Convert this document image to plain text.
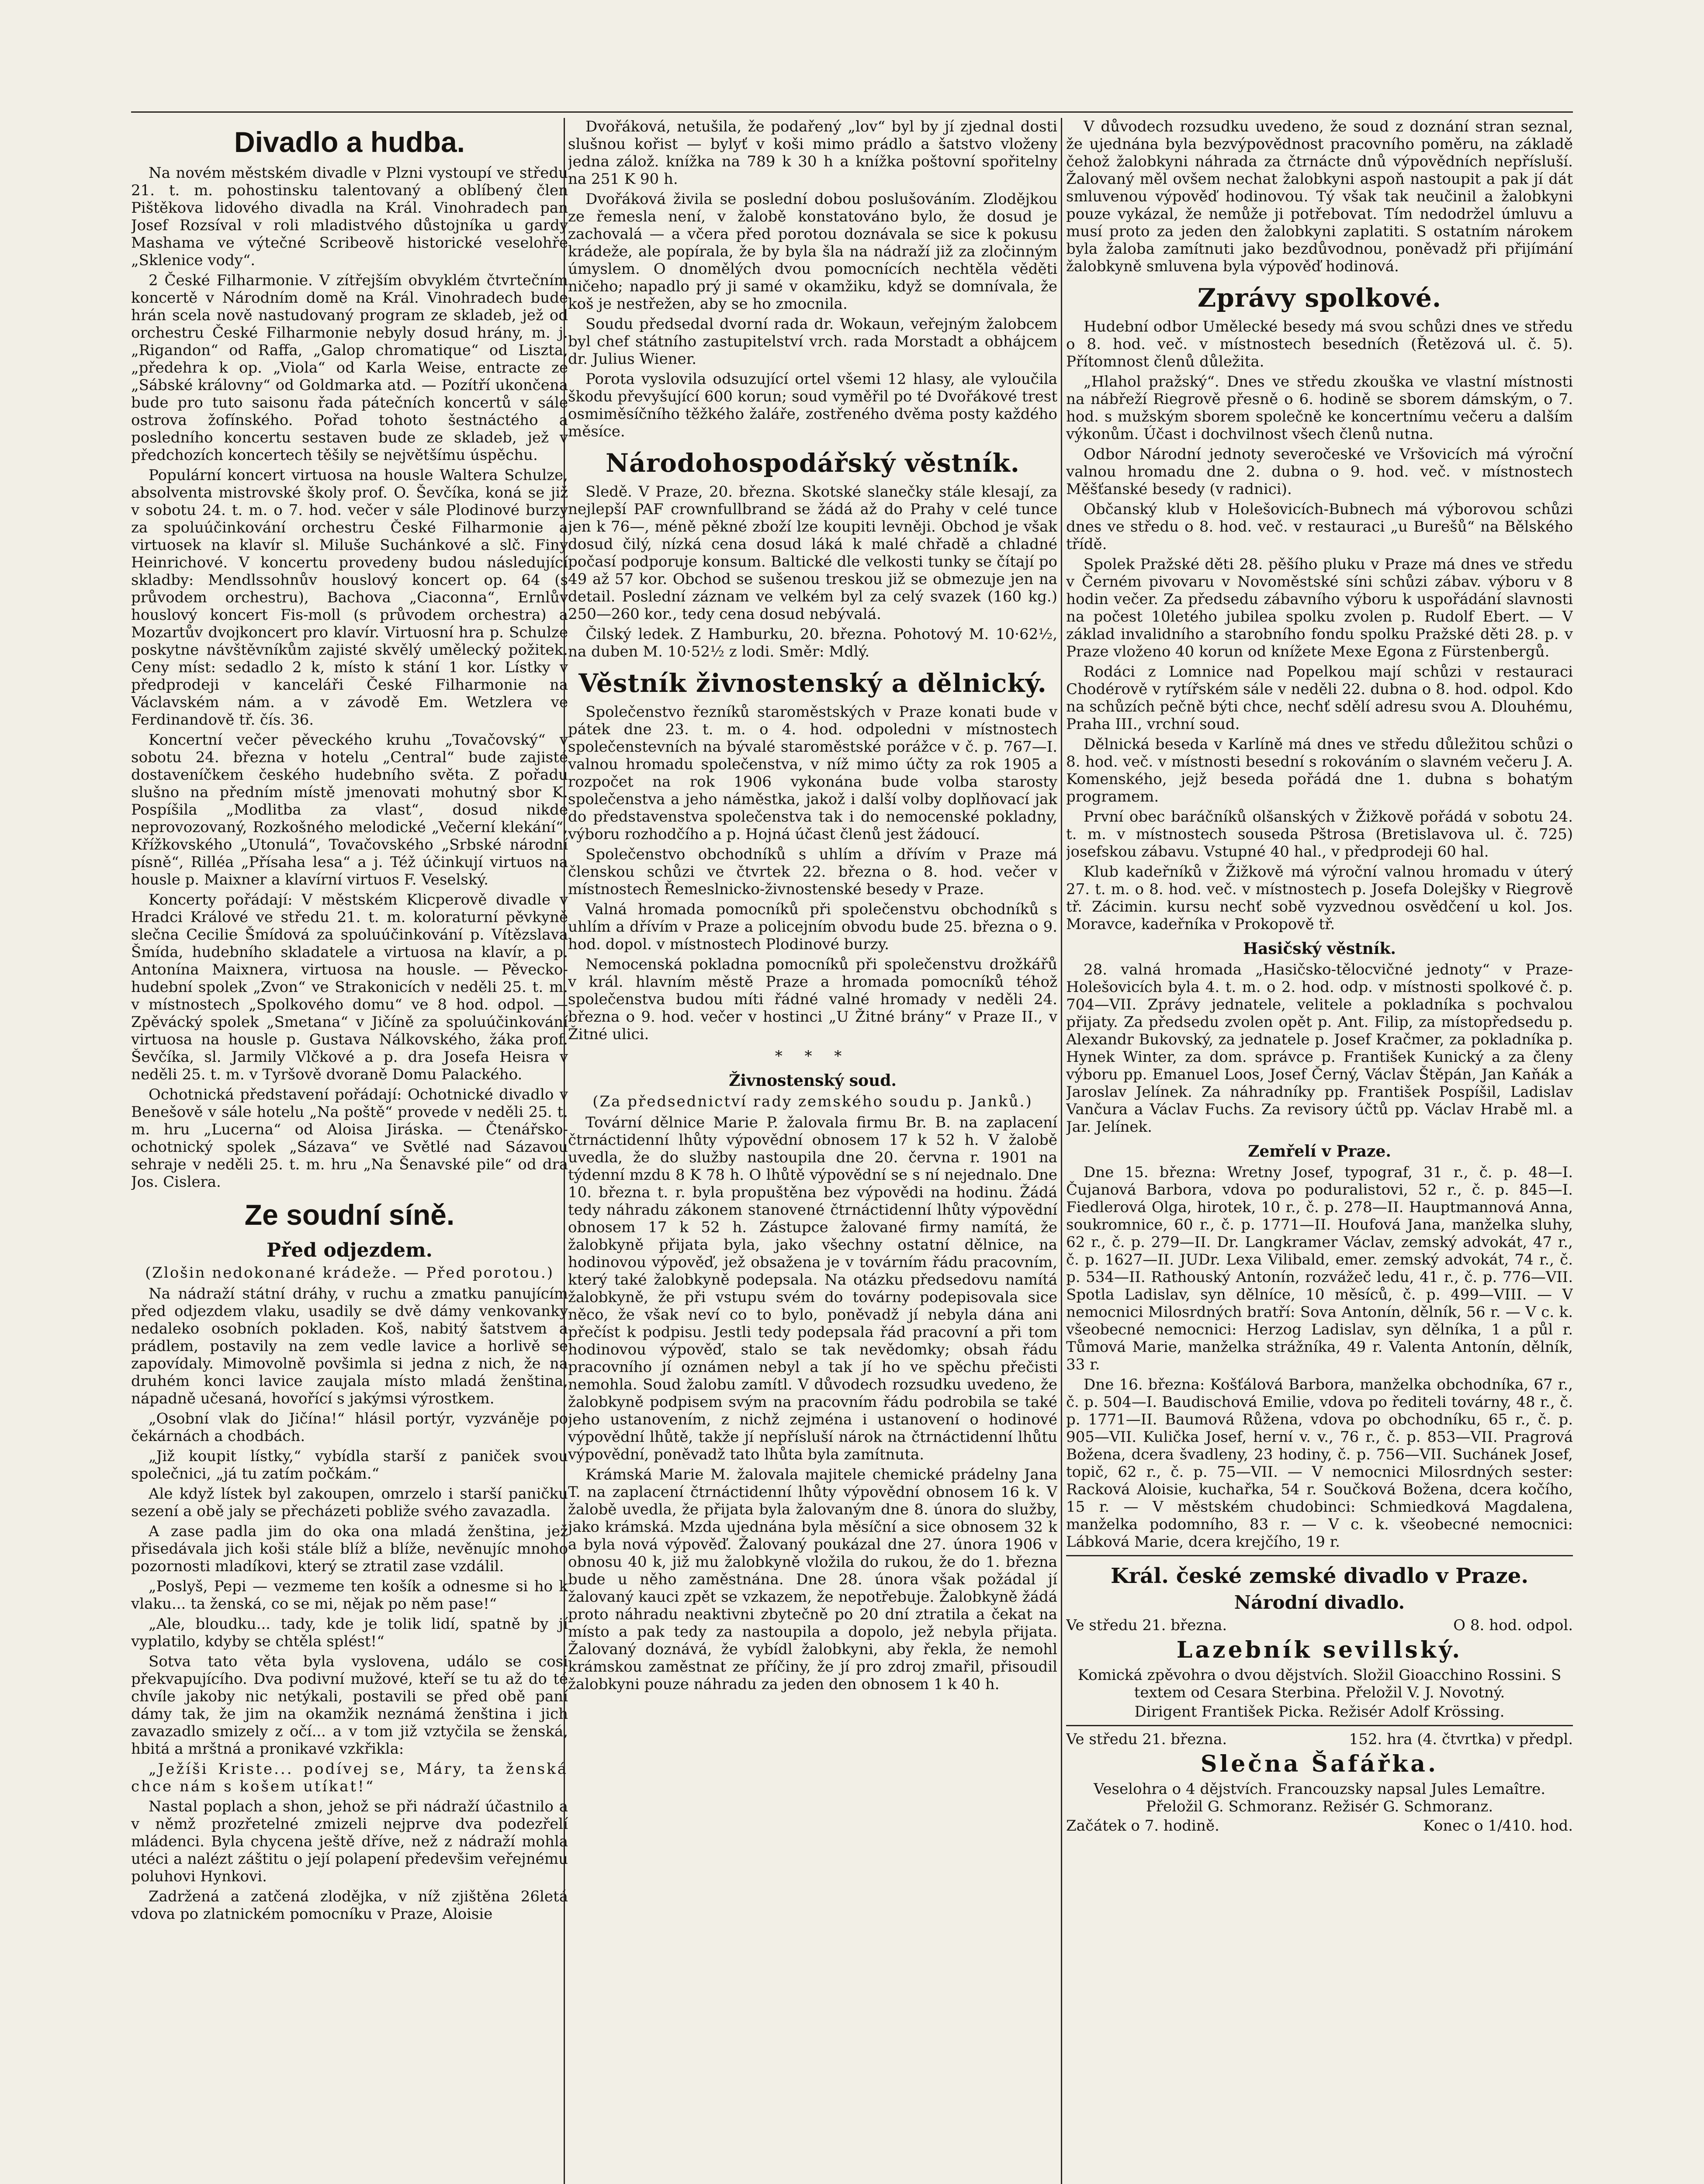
Divadlo a hudba.

Na novém městském divadle v Plzni vystoupí ve středu 21. t. m. pohostinsku talentovaný a oblíbený člen Pištěkova lidového divadla na Král. Vinohradech pan Josef Rozsíval v roli mladistvého důstojníka u gardy Mashama ve výtečné Scribeově historické veselohře „Sklenice vody“.

2 České Filharmonie. V zítřejším obvyklém čtvrtečním koncertě v Národním domě na Král. Vinohradech bude hrán scela nově nastudovaný program ze skladeb, jež od orchestru České Filharmonie nebyly dosud hrány, m. j. „Rigandon“ od Raffa, „Galop chromatique“ od Liszta, „předehra k op. „Viola“ od Karla Weise, entracte ze „Sábské královny“ od Goldmarka atd. — Pozítří ukončena bude pro tuto saisonu řada pátečních koncertů v sále ostrova žofínského. Pořad tohoto šestnáctého a posledního koncertu sestaven bude ze skladeb, jež v předchozích koncertech těšily se největšímu úspěchu.

Populární koncert virtuosa na housle Waltera Schulze, absolventa mistrovské školy prof. O. Ševčíka, koná se již v sobotu 24. t. m. o 7. hod. večer v sále Plodinové burzy za spoluúčinkování orchestru České Filharmonie a virtuosek na klavír sl. Miluše Suchánkové a slč. Finy Heinrichové. V koncertu provedeny budou následující skladby: Mendlssohnův houslový koncert op. 64 (s průvodem orchestru), Bachova „Ciaconna“, Ernlův houslový koncert Fis-moll (s průvodem orchestra) a Mozartův dvojkoncert pro klavír. Virtuosní hra p. Schulze poskytne návštěvníkům zajisté skvělý umělecký požitek. Ceny míst: sedadlo 2 k, místo k stání 1 kor. Lístky v předprodeji v kanceláři České Filharmonie na Václavském nám. a v závodě Em. Wetzlera ve Ferdinandově tř. čís. 36.

Koncertní večer pěveckého kruhu „Tovačovský“ v sobotu 24. března v hotelu „Central“ bude zajisté dostaveníčkem českého hudebního světa. Z pořadu slušno na předním místě jmenovati mohutný sbor K. Pospíšila „Modlitba za vlast“, dosud nikde neprovozovaný, Rozkošného melodické „Večerní klekání“, Křížkovského „Utonulá“, Tovačovského „Srbské národní písně“, Rilléa „Přísaha lesa“ a j. Též účinkují virtuos na housle p. Maixner a klavírní virtuos F. Veselský.

Koncerty pořádají: V městském Klicperově divadle v Hradci Králové ve středu 21. t. m. koloraturní pěvkyně slečna Cecilie Šmídová za spoluúčinkování p. Vítězslava Šmída, hudebního skladatele a virtuosa na klavír, a p. Antonína Maixnera, virtuosa na housle. — Pěvecko-hudební spolek „Zvon“ ve Strakonicích v neděli 25. t. m. v místnostech „Spolkového domu“ ve 8 hod. odpol. — Zpěvácký spolek „Smetana“ v Jičíně za spoluúčinkování virtuosa na housle p. Gustava Nálkovského, žáka prof. Ševčíka, sl. Jarmily Vlčkové a p. dra Josefa Heisra v neděli 25. t. m. v Tyršově dvoraně Domu Palackého.

Ochotnická představení pořádají: Ochotnické divadlo v Benešově v sále hotelu „Na poště“ provede v neděli 25. t. m. hru „Lucerna“ od Aloisa Jiráska. — Čtenářsko-ochotnický spolek „Sázava“ ve Světlé nad Sázavou sehraje v neděli 25. t. m. hru „Na Šenavské pile“ od dra Jos. Cislera.

Ze soudní síně.
Před odjezdem.
(Zlošin nedokonané krádeže. — Před porotou.)

Na nádraží státní dráhy, v ruchu a zmatku panujícím před odjezdem vlaku, usadily se dvě dámy venkovanky nedaleko osobních pokladen. Koš, nabitý šatstvem a prádlem, postavily na zem vedle lavice a horlivě se zapovídaly. Mimovolně povšimla si jedna z nich, že na druhém konci lavice zaujala místo mladá ženština, nápadně učesaná, hovořící s jakýmsi výrostkem.

„Osobní vlak do Jičína!“ hlásil portýr, vyzváněje po čekárnách a chodbách.

„Již koupit lístky,“ vybídla starší z paniček svou společnici, „já tu zatím počkám.“

Ale když lístek byl zakoupen, omrzelo i starší paničku sezení a obě jaly se přecházeti pobliže svého zavazadla.

A zase padla jim do oka ona mladá ženština, jež přisedávala jich koši stále blíž a blíže, nevěnujíc mnoho pozornosti mladíkovi, který se ztratil zase vzdálil.

„Poslyš, Pepi — vezmeme ten košík a odnesme si ho k vlaku... ta ženská, co se mi, nějak po něm pase!“

„Ale, bloudku... tady, kde je tolik lidí, spatně by jí vyplatilo, kdyby se chtěla splést!“

Sotva tato věta byla vyslovena, událo se cosi překvapujícího. Dva podivní mužové, kteří se tu až do té chvíle jakoby nic netýkali, postavili se před obě paní dámy tak, že jim na okamžik neznámá ženština i jich zavazadlo smizely z očí... a v tom již vztyčila se ženská, hbitá a mrštná a pronikavé vzkřikla:

„Ježíši Kriste... podívej se, Máry, ta ženská chce nám s košem utíkat!“

Nastal poplach a shon, jehož se při nádraží účastnilo a v němž prozřetelné zmizeli nejprve dva podezřelí mládenci. Byla chycena ještě dříve, než z nádraží mohla utéci a nalézt záštitu o její polapení předevšim veřejnému poluhovi Hynkovi.

Zadržená a zatčená zlodějka, v níž zjištěna 26letá vdova po zlatnickém pomocníku v Praze, Aloisie

Dvořáková, netušila, že podařený „lov“ byl by jí zjednal dosti slušnou kořist — bylyť v koši mimo prádlo a šatstvo vloženy jedna zálož. knížka na 789 k 30 h a knížka poštovní spořitelny na 251 K 90 h.

Dvořáková živila se poslední dobou poslušováním. Zlodějkou ze řemesla není, v žalobě konstatováno bylo, že dosud je zachovalá — a včera před porotou doznávala se sice k pokusu krádeže, ale popírala, že by byla šla na nádraží již za zločinným úmyslem. O dnomělých dvou pomocnících nechtěla věděti ničeho; napadlo prý ji samé v okamžiku, když se domnívala, že koš je nestřežen, aby se ho zmocnila.

Soudu předsedal dvorní rada dr. Wokaun, veřejným žalobcem byl chef státního zastupitelství vrch. rada Morstadt a obhájcem dr. Julius Wiener.

Porota vyslovila odsuzující ortel všemi 12 hlasy, ale vyloučila škodu převyšující 600 korun; soud vyměřil po té Dvořákové trest osmiměsíčního těžkého žaláře, zostřeného dvěma posty každého měsíce.

Národohospodářský věstník.

Sledě. V Praze, 20. března. Skotské slanečky stále klesají, za nejlepší PAF crownfullbrand se žádá až do Prahy v celé tunce jen k 76—, méně pěkné zboží lze koupiti levněji. Obchod je však dosud čilý, nízká cena dosud láká k malé chřadě a chladné počasí podporuje konsum. Baltické dle velkosti tunky se čítají po 49 až 57 kor. Obchod se sušenou treskou již se obmezuje jen na detail. Poslední záznam ve velkém byl za celý svazek (160 kg.) 250—260 kor., tedy cena dosud nebývalá.

Čilský ledek. Z Hamburku, 20. března. Pohotový M. 10·62½, na duben M. 10·52½ z lodi. Směr: Mdlý.

Věstník živnostenský a dělnický.

Společenstvo řezníků staroměstských v Praze konati bude v pátek dne 23. t. m. o 4. hod. odpoledni v místnostech společenstevních na bývalé staroměstské porážce v č. p. 767—I. valnou hromadu společenstva, v níž mimo účty za rok 1905 a rozpočet na rok 1906 vykonána bude volba starosty společenstva a jeho náměstka, jakož i další volby doplňovací jak do představenstva společenstva tak i do nemocenské pokladny, výboru rozhodčího a p. Hojná účast členů jest žádoucí.

Společenstvo obchodníků s uhlím a dřívím v Praze má členskou schůzi ve čtvrtek 22. března o 8. hod. večer v místnostech Řemeslnicko-živnostenské besedy v Praze.

Valná hromada pomocníků při společenstvu obchodníků s uhlím a dřívím v Praze a policejním obvodu bude 25. března o 9. hod. dopol. v místnostech Plodinové burzy.

Nemocenská pokladna pomocníků při společenstvu drožkářů v král. hlavním městě Praze a hromada pomocníků téhož společenstva budou míti řádné valné hromady v neděli 24. března o 9. hod. večer v hostinci „U Žitné brány“ v Praze II., v Žitné ulici.

* * *
Živnostenský soud.
(Za předsednictví rady zemského soudu p. Janků.)

Tovární dělnice Marie P. žalovala firmu Br. B. na zaplacení čtrnáctidenní lhůty výpovědní obnosem 17 k 52 h. V žalobě uvedla, že do služby nastoupila dne 20. června r. 1901 na týdenní mzdu 8 K 78 h. O lhůtě výpovědní se s ní nejednalo. Dne 10. března t. r. byla propuštěna bez výpovědi na hodinu. Žádá tedy náhradu zákonem stanovené čtrnáctidenní lhůty výpovědní obnosem 17 k 52 h. Zástupce žalované firmy namítá, že žalobkyně přijata byla, jako všechny ostatní dělnice, na hodinovou výpověď, jež obsažena je v továrním řádu pracovním, který také žalobkyně podepsala. Na otázku předsedovu namítá žalobkyně, že při vstupu svém do továrny podepisovala sice něco, že však neví co to bylo, poněvadž jí nebyla dána ani přečíst k podpisu. Jestli tedy podepsala řád pracovní a při tom hodinovou výpověď, stalo se tak nevědomky; obsah řádu pracovního jí oznámen nebyl a tak jí ho ve spěchu přečisti nemohla. Soud žalobu zamítl. V důvodech rozsudku uvedeno, že žalobkyně podpisem svým na pracovním řádu podrobila se také jeho ustanovením, z nichž zejména i ustanovení o hodinové výpovědní lhůtě, takže jí nepřísluší nárok na čtrnáctidenní lhůtu výpovědní, poněvadž tato lhůta byla zamítnuta.

Krámská Marie M. žalovala majitele chemické prádelny Jana T. na zaplacení čtrnáctidenní lhůty výpovědní obnosem 16 k. V žalobě uvedla, že přijata byla žalovaným dne 8. února do služby, jako krámská. Mzda ujednána byla měsíční a sice obnosem 32 k a byla nová výpověď. Žalovaný poukázal dne 27. února 1906 v obnosu 40 k, již mu žalobkyně vložila do rukou, že do 1. března bude u něho zaměstnána. Dne 28. února však požádal jí žalovaný kauci zpět se vzkazem, že nepotřebuje. Žalobkyně žádá proto náhradu neaktivni zbytečně po 20 dní ztratila a čekat na místo a pak tedy za nastoupila a dopolo, jež nebyla přijata. Žalovaný doznává, že vybídl žalobkyni, aby řekla, že nemohl krámskou zaměstnat ze příčiny, že jí pro zdroj zmařil, přisoudil žalobkyni pouze náhradu za jeden den obnosem 1 k 40 h.

V důvodech rozsudku uvedeno, že soud z doznání stran seznal, že ujednána byla bezvýpovědnost pracovního poměru, na základě čehož žalobkyni náhrada za čtrnácte dnů výpovědních nepřísluší. Žalovaný měl ovšem nechat žalobkyni aspoň nastoupit a pak jí dát smluvenou výpověď hodinovou. Tý však tak neučinil a žalobkyni pouze vykázal, že nemůže ji potřebovat. Tím nedodržel úmluvu a musí proto za jeden den žalobkyni zaplatiti. S ostatním nárokem byla žaloba zamítnuti jako bezdůvodnou, poněvadž při přijímání žalobkyně smluvena byla výpověď hodinová.

Zprávy spolkové.

Hudební odbor Umělecké besedy má svou schůzi dnes ve středu o 8. hod. več. v místnostech besedních (Řetězová ul. č. 5). Přítomnost členů důležita.

„Hlahol pražský“. Dnes ve středu zkouška ve vlastní místnosti na nábřeží Riegrově přesně o 6. hodině se sborem dámským, o 7. hod. s mužským sborem společně ke koncertnímu večeru a dalším výkonům. Účast i dochvilnost všech členů nutna.

Odbor Národní jednoty severočeské ve Vršovicích má výroční valnou hromadu dne 2. dubna o 9. hod. več. v místnostech Měšťanské besedy (v radnici).

Občanský klub v Holešovicích-Bubnech má výborovou schůzi dnes ve středu o 8. hod. več. v restauraci „u Burešů“ na Bělského třídě.

Spolek Pražské děti 28. pěšího pluku v Praze má dnes ve středu v Černém pivovaru v Novoměstské síni schůzi zábav. výboru v 8 hodin večer. Za předsedu zábavního výboru k uspořádání slavnosti na počest 10letého jubilea spolku zvolen p. Rudolf Ebert. — V základ invalidního a starobního fondu spolku Pražské děti 28. p. v Praze vloženo 40 korun od knížete Mexe Egona z Fürstenbergů.

Rodáci z Lomnice nad Popelkou mají schůzi v restauraci Chodérově v rytířském sále v neděli 22. dubna o 8. hod. odpol. Kdo na schůzích pečně býti chce, nechť sdělí adresu svou A. Dlouhému, Praha III., vrchní soud.

Dělnická beseda v Karlíně má dnes ve středu důležitou schůzi o 8. hod. več. v místnosti besední s rokováním o slavném večeru J. A. Komenského, jejž beseda pořádá dne 1. dubna s bohatým programem.

První obec baráčníků olšanských v Žižkově pořádá v sobotu 24. t. m. v místnostech souseda Pštrosa (Bretislavova ul. č. 725) josefskou zábavu. Vstupné 40 hal., v předprodeji 60 hal.

Klub kadeřníků v Žižkově má výroční valnou hromadu v úterý 27. t. m. o 8. hod. več. v místnostech p. Josefa Dolejšky v Riegrově tř. Zácimin. kursu nechť sobě vyzvednou osvědčení u kol. Jos. Moravce, kadeřníka v Prokopově tř.

Hasičský věstník.

28. valná hromada „Hasičsko-tělocvičné jednoty“ v Praze-Holešovicích byla 4. t. m. o 2. hod. odp. v místnosti spolkové č. p. 704—VII. Zprávy jednatele, velitele a pokladníka s pochvalou přijaty. Za předsedu zvolen opět p. Ant. Filip, za místopředsedu p. Alexandr Bukovský, za jednatele p. Josef Kračmer, za pokladníka p. Hynek Winter, za dom. správce p. František Kunický a za členy výboru pp. Emanuel Loos, Josef Černý, Václav Štěpán, Jan Kaňák a Jaroslav Jelínek. Za náhradníky pp. František Pospíšil, Ladislav Vančura a Václav Fuchs. Za revisory účtů pp. Václav Hrabě ml. a Jar. Jelínek.

Zemřelí v Praze.

Dne 15. března: Wretny Josef, typograf, 31 r., č. p. 48—I. Čujanová Barbora, vdova po poduralistovi, 52 r., č. p. 845—I. Fiedlerová Olga, hirotek, 10 r., č. p. 278—II. Hauptmannová Anna, soukromnice, 60 r., č. p. 1771—II. Houfová Jana, manželka sluhy, 62 r., č. p. 279—II. Dr. Langkramer Václav, zemský advokát, 47 r., č. p. 1627—II. JUDr. Lexa Vilibald, emer. zemský advokát, 74 r., č. p. 534—II. Rathouský Antonín, rozvážeč ledu, 41 r., č. p. 776—VII. Spotla Ladislav, syn dělníce, 10 měsíců, č. p. 499—VIII. — V nemocnici Milosrdných bratří: Sova Antonín, dělník, 56 r. — V c. k. všeobecné nemocnici: Herzog Ladislav, syn dělníka, 1 a půl r. Tůmová Marie, manželka strážníka, 49 r. Valenta Antonín, dělník, 33 r.

Dne 16. března: Košťálová Barbora, manželka obchodníka, 67 r., č. p. 504—I. Baudischová Emilie, vdova po řediteli továrny, 48 r., č. p. 1771—II. Baumová Růžena, vdova po obchodníku, 65 r., č. p. 905—VII. Kulička Josef, herní v. v., 76 r., č. p. 853—VII. Pragrová Božena, dcera švadleny, 23 hodiny, č. p. 756—VII. Suchánek Josef, topič, 62 r., č. p. 75—VII. — V nemocnici Milosrdných sester: Racková Aloisie, kuchařka, 54 r. Součková Božena, dcera kočího, 15 r. — V městském chudobinci: Schmiedková Magdalena, manželka podomního, 83 r. — V c. k. všeobecné nemocnici: Lábková Marie, dcera krejčího, 19 r.

Král. české zemské divadlo v Praze.
Národní divadlo.
Ve středu 21. března.	O 8. hod. odpol.
Lazebník sevillský.
Komická zpěvohra o dvou dějstvích. Složil Gioacchino Rossini. S textem od Cesara Sterbina. Přeložil V. J. Novotný.
Dirigent František Picka. Režisér Adolf Krössing.
Ve středu 21. března.	152. hra (4. čtvrtka) v předpl.
Slečna Šafářka.
Veselohra o 4 dějstvích. Francouzsky napsal Jules Lemaître. Přeložil G. Schmoranz. Režisér G. Schmoranz.
Začátek o 7. hodině.	Konec o 1/410. hod.
